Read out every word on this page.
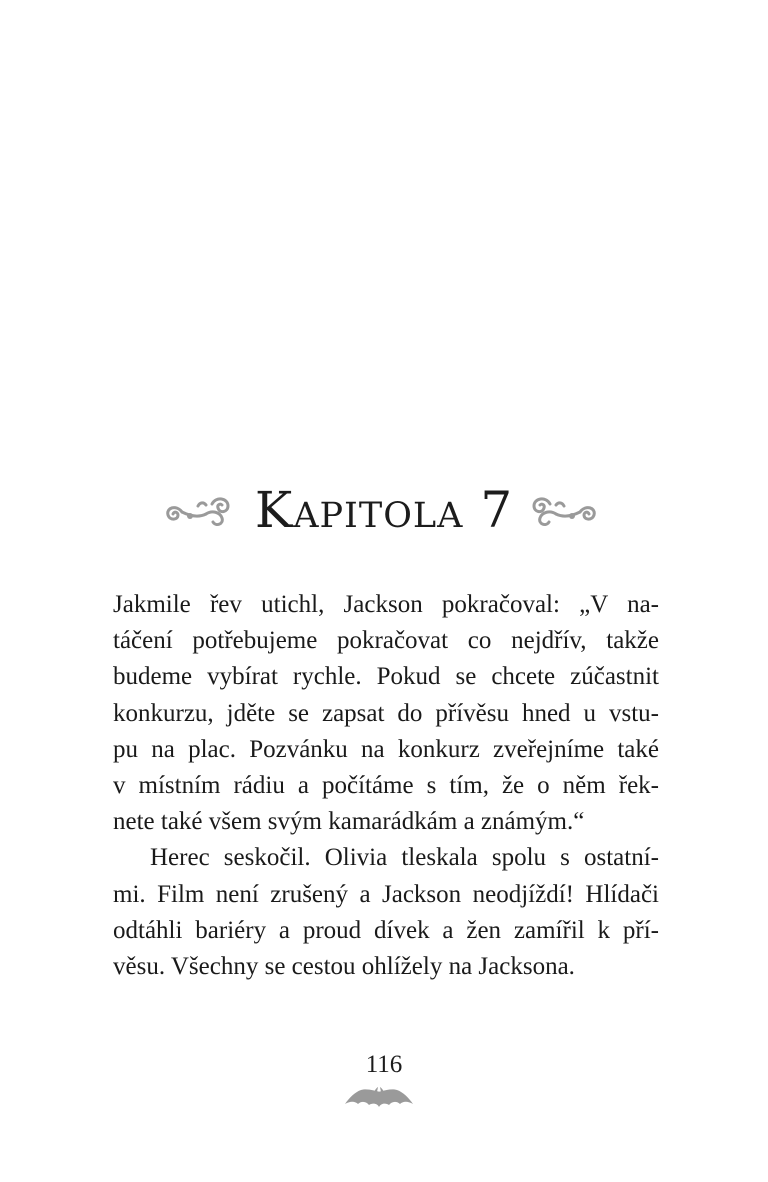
Kapitola 7
Jakmile řev utichl, Jackson pokračoval: „V na-
táčení potřebujeme pokračovat co nejdřív, takže
budeme vybírat rychle. Pokud se chcete zúčastnit
konkurzu, jděte se zapsat do přívěsu hned u vstu-
pu na plac. Pozvánku na konkurz zveřejníme také
v místním rádiu a počítáme s tím, že o něm řek-
nete také všem svým kamarádkám a známým.“
Herec seskočil. Olivia tleskala spolu s ostatní-
mi. Film není zrušený a Jackson neodjíždí! Hlídači
odtáhli bariéry a proud dívek a žen zamířil k pří-
věsu. Všechny se cestou ohlížely na Jacksona.
116
